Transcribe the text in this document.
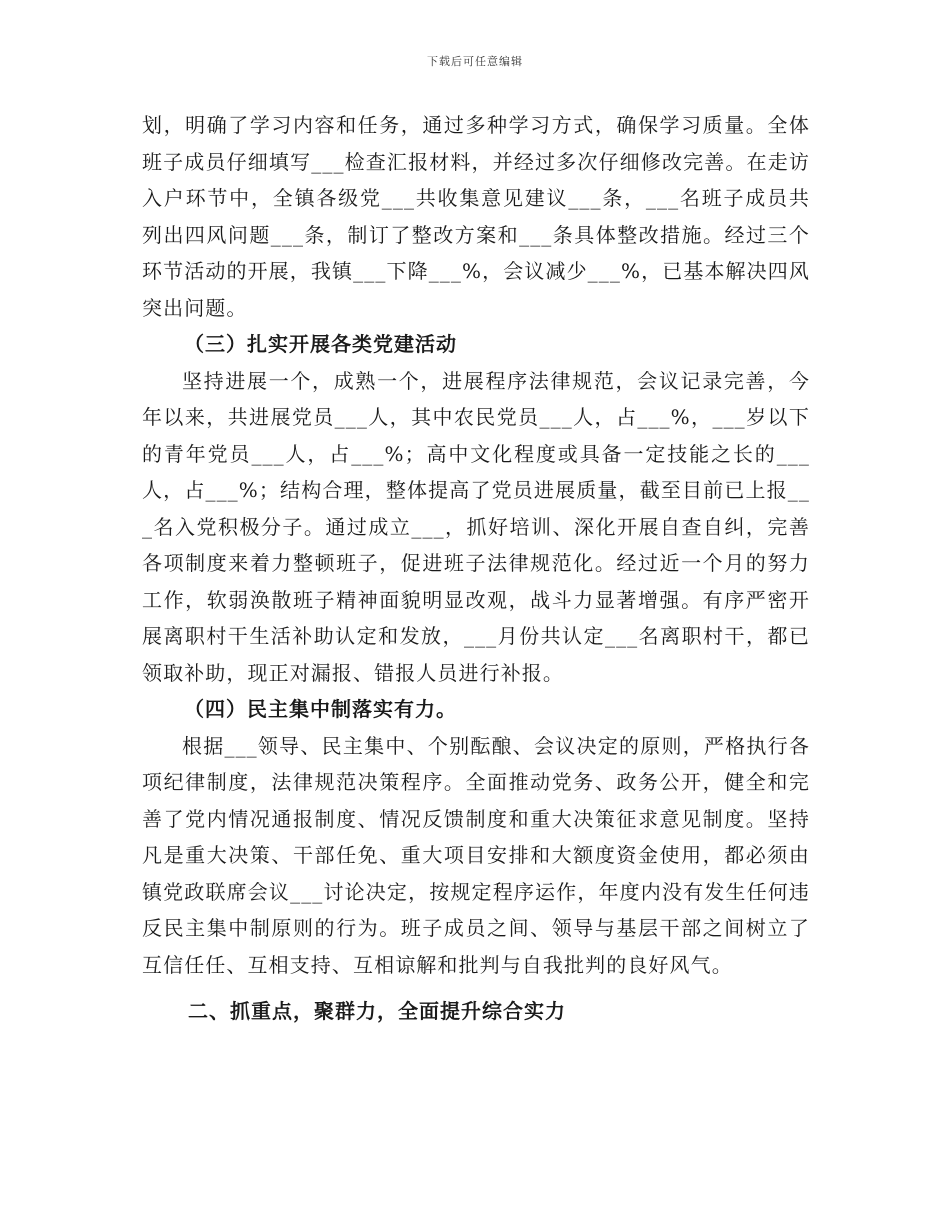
下载后可任意编辑

划，明确了学习内容和任务，通过多种学习方式，确保学习质量。全体班子成员仔细填写___检查汇报材料，并经过多次仔细修改完善。在走访入户环节中，全镇各级党___共收集意见建议___条，___名班子成员共列出四风问题___条，制订了整改方案和___条具体整改措施。经过三个环节活动的开展，我镇___下降___%，会议减少___%，已基本解决四风突出问题。

（三）扎实开展各类党建活动

坚持进展一个，成熟一个，进展程序法律规范，会议记录完善，今年以来，共进展党员___人，其中农民党员___人，占___%，___岁以下的青年党员___人，占___%；高中文化程度或具备一定技能之长的___人，占___%；结构合理，整体提高了党员进展质量，截至目前已上报___名入党积极分子。通过成立___，抓好培训、深化开展自查自纠，完善各项制度来着力整顿班子，促进班子法律规范化。经过近一个月的努力工作，软弱涣散班子精神面貌明显改观，战斗力显著增强。有序严密开展离职村干生活补助认定和发放，___月份共认定___名离职村干，都已领取补助，现正对漏报、错报人员进行补报。

（四）民主集中制落实有力。

根据___领导、民主集中、个别酝酿、会议决定的原则，严格执行各项纪律制度，法律规范决策程序。全面推动党务、政务公开，健全和完善了党内情况通报制度、情况反馈制度和重大决策征求意见制度。坚持凡是重大决策、干部任免、重大项目安排和大额度资金使用，都必须由镇党政联席会议___讨论决定，按规定程序运作，年度内没有发生任何违反民主集中制原则的行为。班子成员之间、领导与基层干部之间树立了互信任任、互相支持、互相谅解和批判与自我批判的良好风气。

二、抓重点，聚群力，全面提升综合实力
